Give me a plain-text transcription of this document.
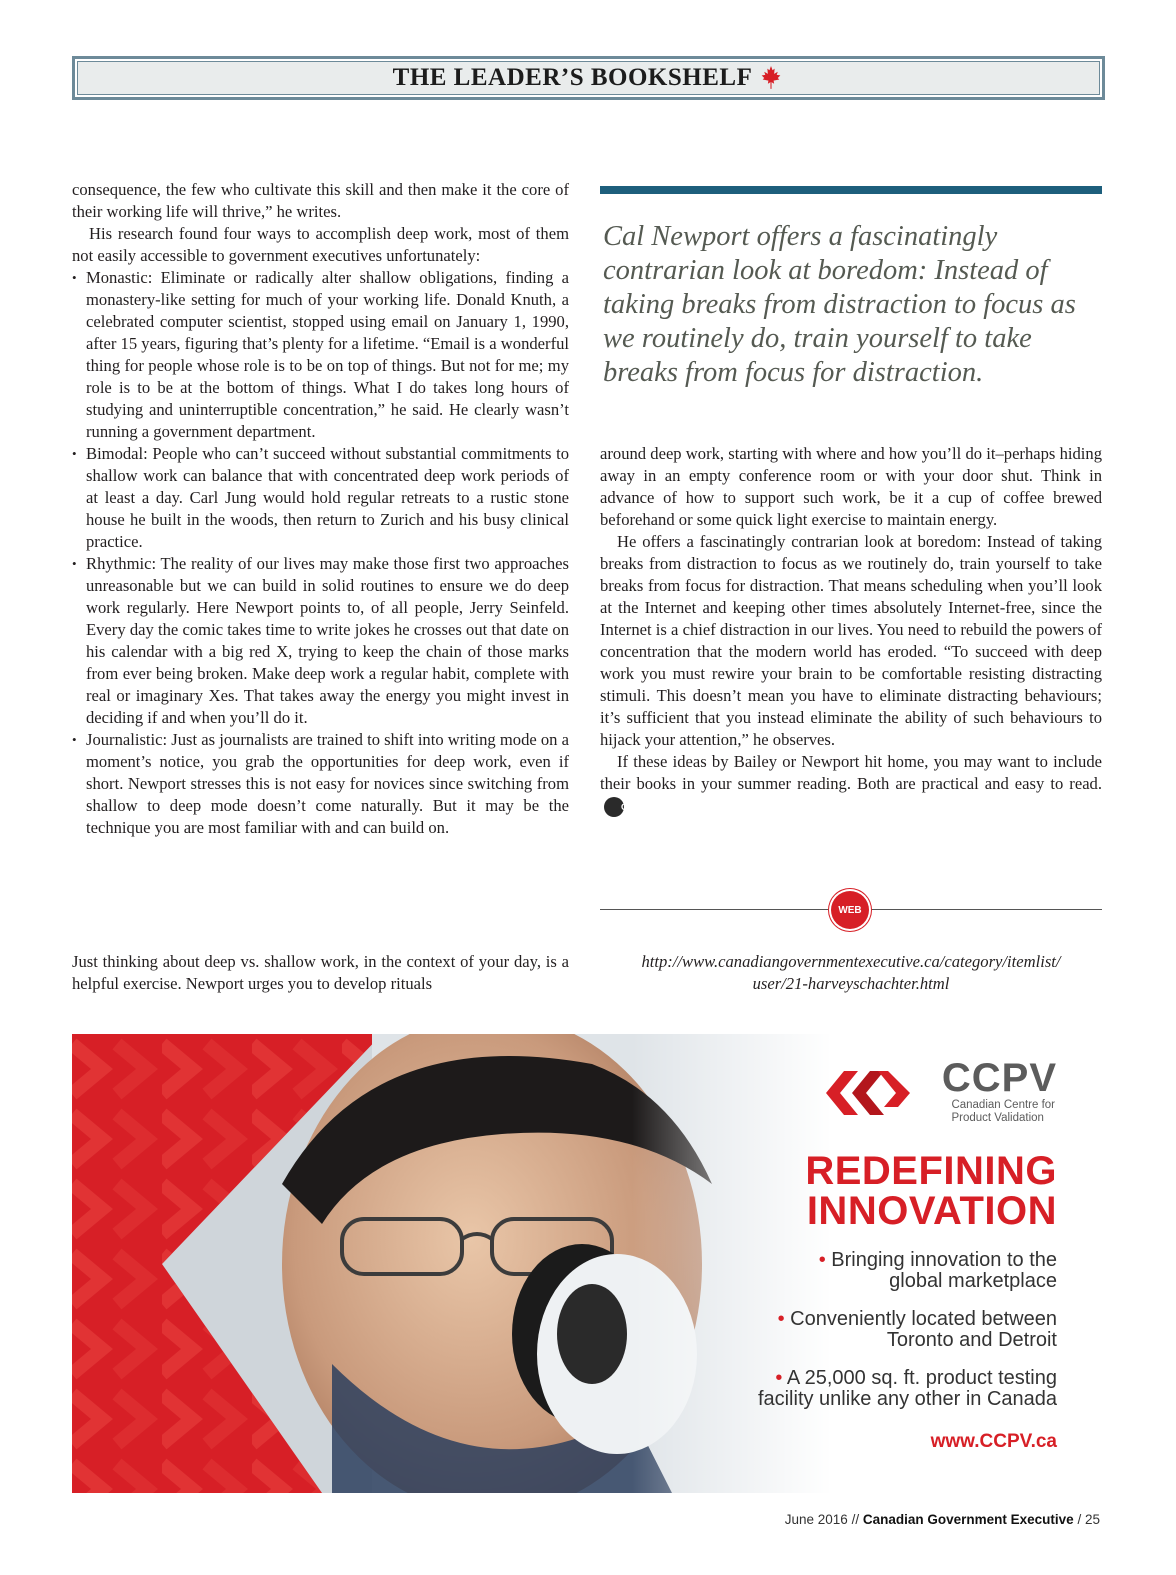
THE LEADER’S BOOKSHELF

consequence, the few who cultivate this skill and then make it the core of their working life will thrive,” he writes.

His research found four ways to accomplish deep work, most of them not easily accessible to government executives unfortunately:

• Monastic: Eliminate or radically alter shallow obligations, finding a monastery-like setting for much of your working life. Donald Knuth, a celebrated computer scientist, stopped using email on January 1, 1990, after 15 years, figuring that’s plenty for a lifetime. “Email is a wonderful thing for people whose role is to be on top of things. But not for me; my role is to be at the bottom of things. What I do takes long hours of studying and uninterruptible concentration,” he said. He clearly wasn’t running a government department.
• Bimodal: People who can’t succeed without substantial commitments to shallow work can balance that with concentrated deep work periods of at least a day. Carl Jung would hold regular retreats to a rustic stone house he built in the woods, then return to Zurich and his busy clinical practice.
• Rhythmic: The reality of our lives may make those first two approaches unreasonable but we can build in solid routines to ensure we do deep work regularly. Here Newport points to, of all people, Jerry Seinfeld. Every day the comic takes time to write jokes he crosses out that date on his calendar with a big red X, trying to keep the chain of those marks from ever being broken. Make deep work a regular habit, complete with real or imaginary Xes. That takes away the energy you might invest in deciding if and when you’ll do it.
• Journalistic: Just as journalists are trained to shift into writing mode on a moment’s notice, you grab the opportunities for deep work, even if short. Newport stresses this is not easy for novices since switching from shallow to deep mode doesn’t come naturally. But it may be the technique you are most familiar with and can build on.
Just thinking about deep vs. shallow work, in the context of your day, is a helpful exercise. Newport urges you to develop rituals
Cal Newport offers a fascinatingly contrarian look at boredom: Instead of taking breaks from distraction to focus as we routinely do, train yourself to take breaks from focus for distraction.

around deep work, starting with where and how you’ll do it–perhaps hiding away in an empty conference room or with your door shut. Think in advance of how to support such work, be it a cup of coffee brewed beforehand or some quick light exercise to maintain energy.

He offers a fascinatingly contrarian look at boredom: Instead of taking breaks from distraction to focus as we routinely do, train yourself to take breaks from focus for distraction. That means scheduling when you’ll look at the Internet and keeping other times absolutely Internet-free, since the Internet is a chief distraction in our lives. You need to rebuild the powers of concentration that the modern world has eroded. “To succeed with deep work you must rewire your brain to be comfortable resisting distracting stimuli. This doesn’t mean you have to eliminate distracting behaviours; it’s sufficient that you instead eliminate the ability of such behaviours to hijack your attention,” he observes.

If these ideas by Bailey or Newport hit home, you may want to include their books in your summer reading. Both are practical and easy to read.CGE

WEB
http://www.canadiangovernmentexecutive.ca/category/itemlist/
user/21-harveyschachter.html
CCPV
Canadian Centre for
Product Validation
REDEFINING
INNOVATION
• Bringing innovation to the
global marketplace
• Conveniently located between
Toronto and Detroit
• A 25,000 sq. ft. product testing
facility unlike any other in Canada
www.CCPV.ca
June 2016 // Canadian Government Executive / 25
